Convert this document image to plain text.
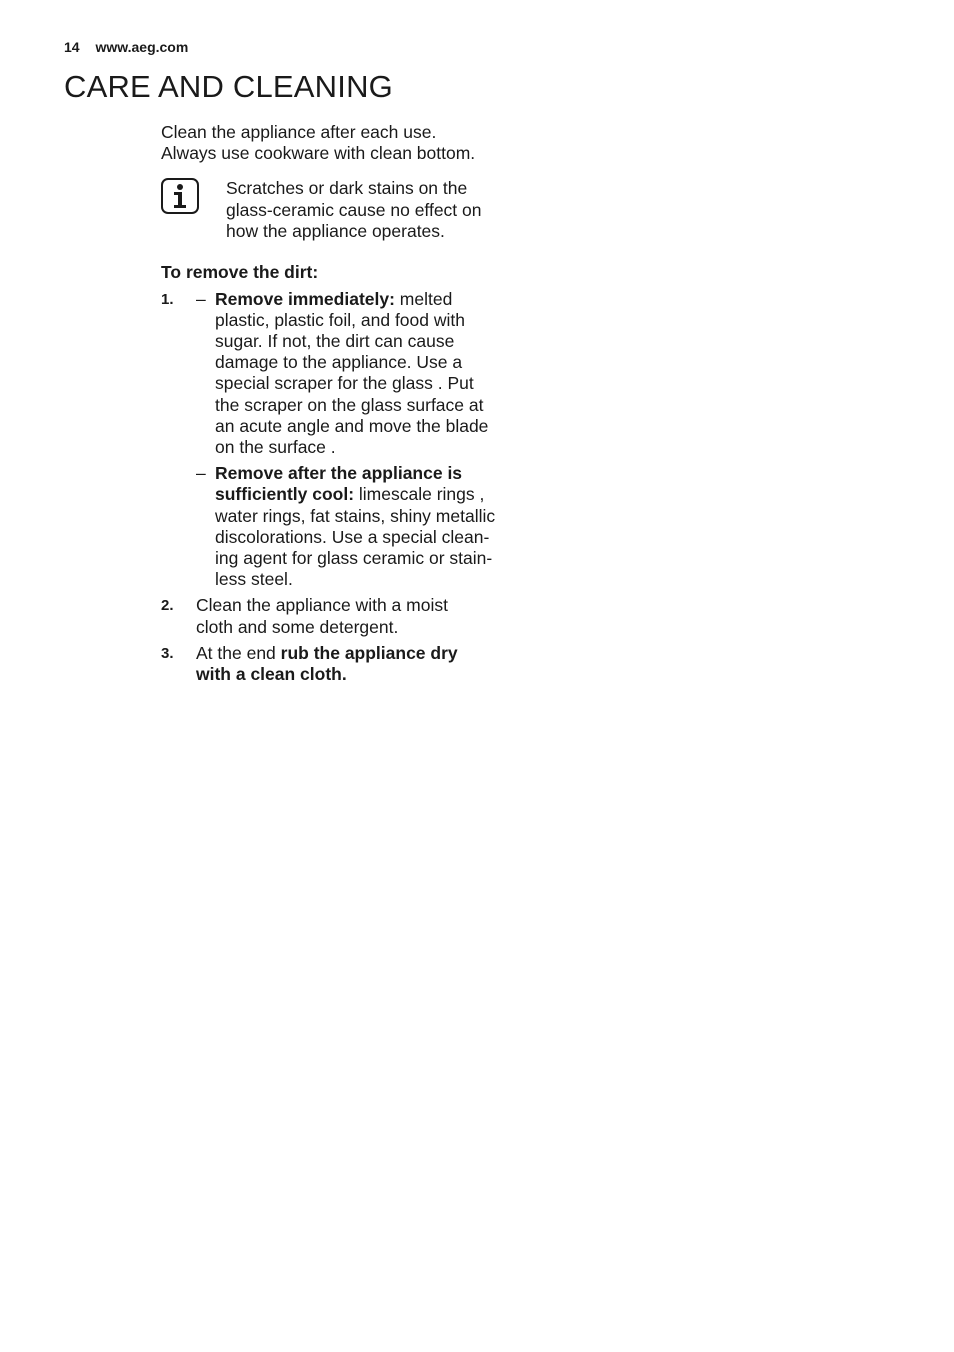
14 www.aeg.com
CARE AND CLEANING

Clean the appliance after each use.

Always use cookware with clean bottom.

Scratches or dark stains on the
glass-ceramic cause no effect on
how the appliance operates.
To remove the dirt:
1. – Remove immediately: melted
plastic, plastic foil, and food with
sugar. If not, the dirt can cause
damage to the appliance. Use a
special scraper for the glass . Put
the scraper on the glass surface at
an acute angle and move the blade
on the surface .
– Remove after the appliance is
sufficiently cool: limescale rings ,
water rings, fat stains, shiny metallic
discolorations. Use a special clean-
ing agent for glass ceramic or stain-
less steel.
2. Clean the appliance with a moist
cloth and some detergent.
3. At the end rub the appliance dry
with a clean cloth.
